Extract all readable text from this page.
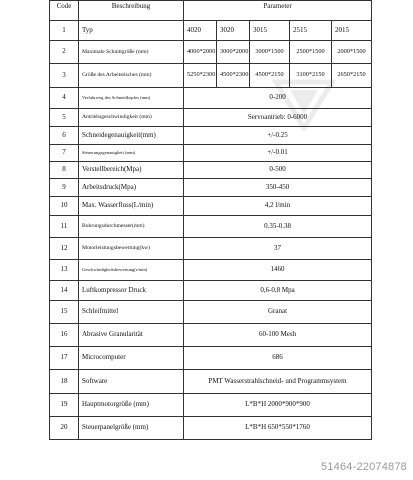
Code	Beschreibung	Parameter				

1	Typ	4020	3020	3015	2515	2015
2	Maximale Schnittgröße (mm)	4000*2000	3000*2000	3000*1500	2500*1500	2000*1500
3	Größe des Arbeitstisches (mm)	5250*2300	4500*2300	4500*2150	3100*2150	2650*2150
4	Verfahrweg des Schneidkopfes (mm)	0-200				
5	Antriebsgeschwindigkeit (mm)	Servoantrieb: 0-6000				
6	Schneidegenauigkeit(mm)	+/-0.25				
7	Steuerungsgenauigkeit (mm)	+/-0.01				
8	Verstellbereich(Mpa)	0-500				
9	Arbeitsdruck(Mpa)	350-450				
10	Max. Wasserfluss(L/min)	4,2 l/min				
11	Bohrungsdurchmesser(mm)	0.35-0.38				
12	Motorleistungsbewertung(kw)	37				
13	Geschwindigkeitsbewertung(r/min)	1460				
14	Luftkompressor Druck	0,6-0,8 Mpa				
15	Schleifmittel	Granat				
16	Abrasive Granularität	60-100 Mesh				
17	Microcomputer	686				
18	Software	PMT Wasserstrahlschneid- und Programmsystem				
19	Hauptmotorgröße (mm)	L*B*H 2000*900*900				
20	Steuerpanelgröße (mm)	L*B*H 650*550*1760				
51464-22074878
